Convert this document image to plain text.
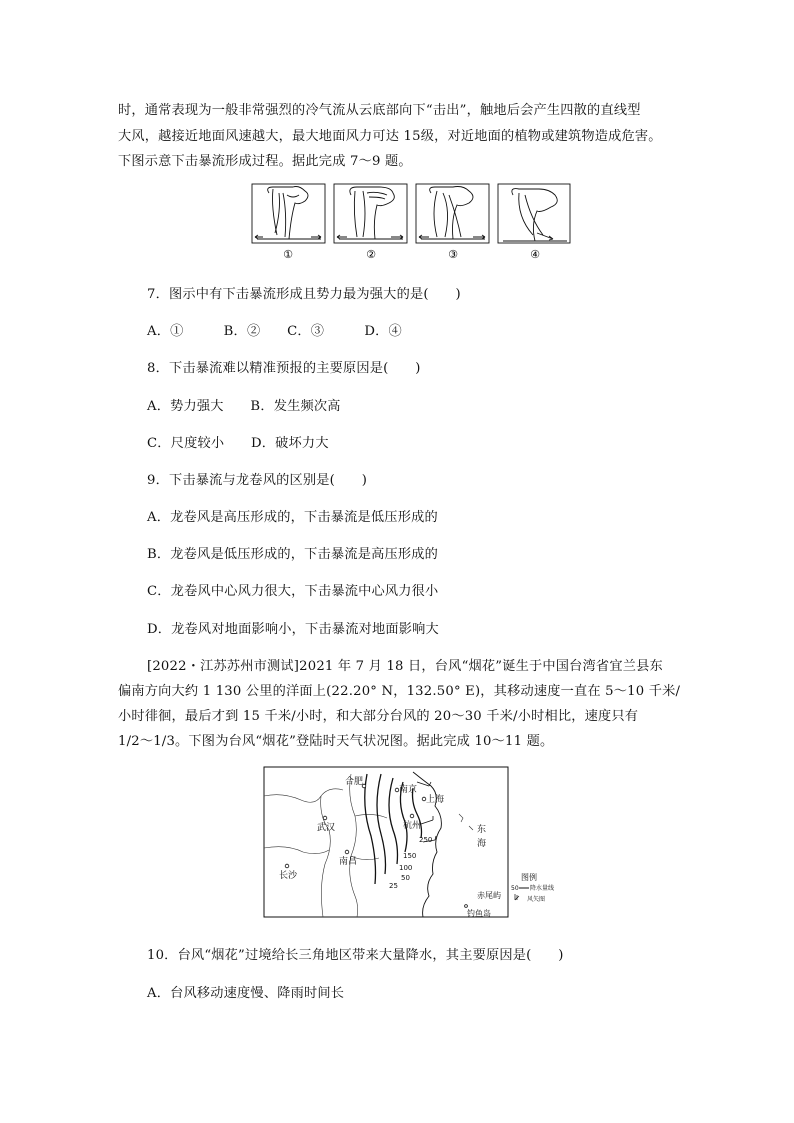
时，通常表现为一般非常强烈的冷气流从云底部向下“击出”，触地后会产生四散的直线型
大风，越接近地面风速越大，最大地面风力可达 15级，对近地面的植物或建筑物造成危害。
下图示意下击暴流形成过程。据此完成 7～9 题。
①	②	③	④
7．图示中有下击暴流形成且势力最为强大的是(　　)
A．①　　　B．②　　C．③　　　D．④
8．下击暴流难以精准预报的主要原因是(　　)
A．势力强大　　B．发生频次高
C．尺度较小　　D．破坏力大
9．下击暴流与龙卷风的区别是(　　)
A．龙卷风是高压形成的，下击暴流是低压形成的
B．龙卷风是低压形成的，下击暴流是高压形成的
C．龙卷风中心风力很大，下击暴流中心风力很小
D．龙卷风对地面影响小，下击暴流对地面影响大
[2022・江苏苏州市测试]2021 年 7 月 18 日，台风“烟花”诞生于中国台湾省宜兰县东
偏南方向大约 1 130 公里的洋面上(22.20° N，132.50° E)，其移动速度一直在 5～10 千米/
小时徘徊，最后才到 15 千米/小时，和大部分台风的 20～30 千米/小时相比，速度只有
1/2～1/3。下图为台风“烟花”登陆时天气状况图。据此完成 10～11 题。
合肥
南京
上海
武汉	杭州
南昌
长沙
东
海
赤尾屿
钓鱼岛
250
150
100
50
25
图例
50 降水量线
风矢图
10．台风“烟花”过境给长三角地区带来大量降水，其主要原因是(　　)
A．台风移动速度慢、降雨时间长
